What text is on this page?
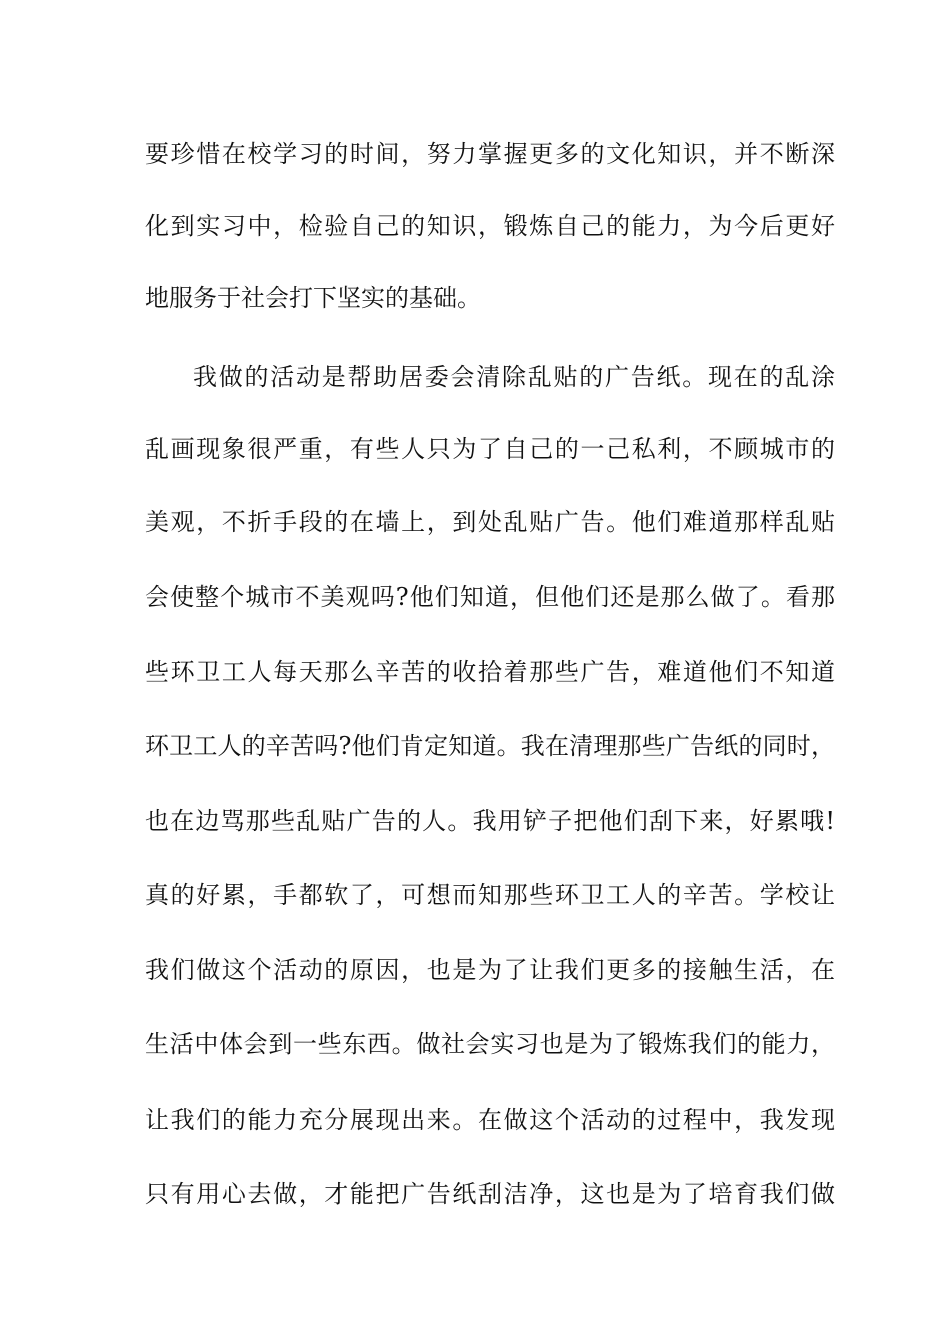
要珍惜在校学习的时间，努力掌握更多的文化知识，并不断深
化到实习中，检验自己的知识，锻炼自己的能力，为今后更好
地服务于社会打下坚实的基础。
我做的活动是帮助居委会清除乱贴的广告纸。现在的乱涂
乱画现象很严重，有些人只为了自己的一己私利，不顾城市的
美观，不折手段的在墙上，到处乱贴广告。他们难道那样乱贴
会使整个城市不美观吗?他们知道，但他们还是那么做了。看那
些环卫工人每天那么辛苦的收拾着那些广告，难道他们不知道
环卫工人的辛苦吗?他们肯定知道。我在清理那些广告纸的同时，
也在边骂那些乱贴广告的人。我用铲子把他们刮下来，好累哦!
真的好累，手都软了，可想而知那些环卫工人的辛苦。学校让
我们做这个活动的原因，也是为了让我们更多的接触生活，在
生活中体会到一些东西。做社会实习也是为了锻炼我们的能力，
让我们的能力充分展现出来。在做这个活动的过程中，我发现
只有用心去做，才能把广告纸刮洁净，这也是为了培育我们做
